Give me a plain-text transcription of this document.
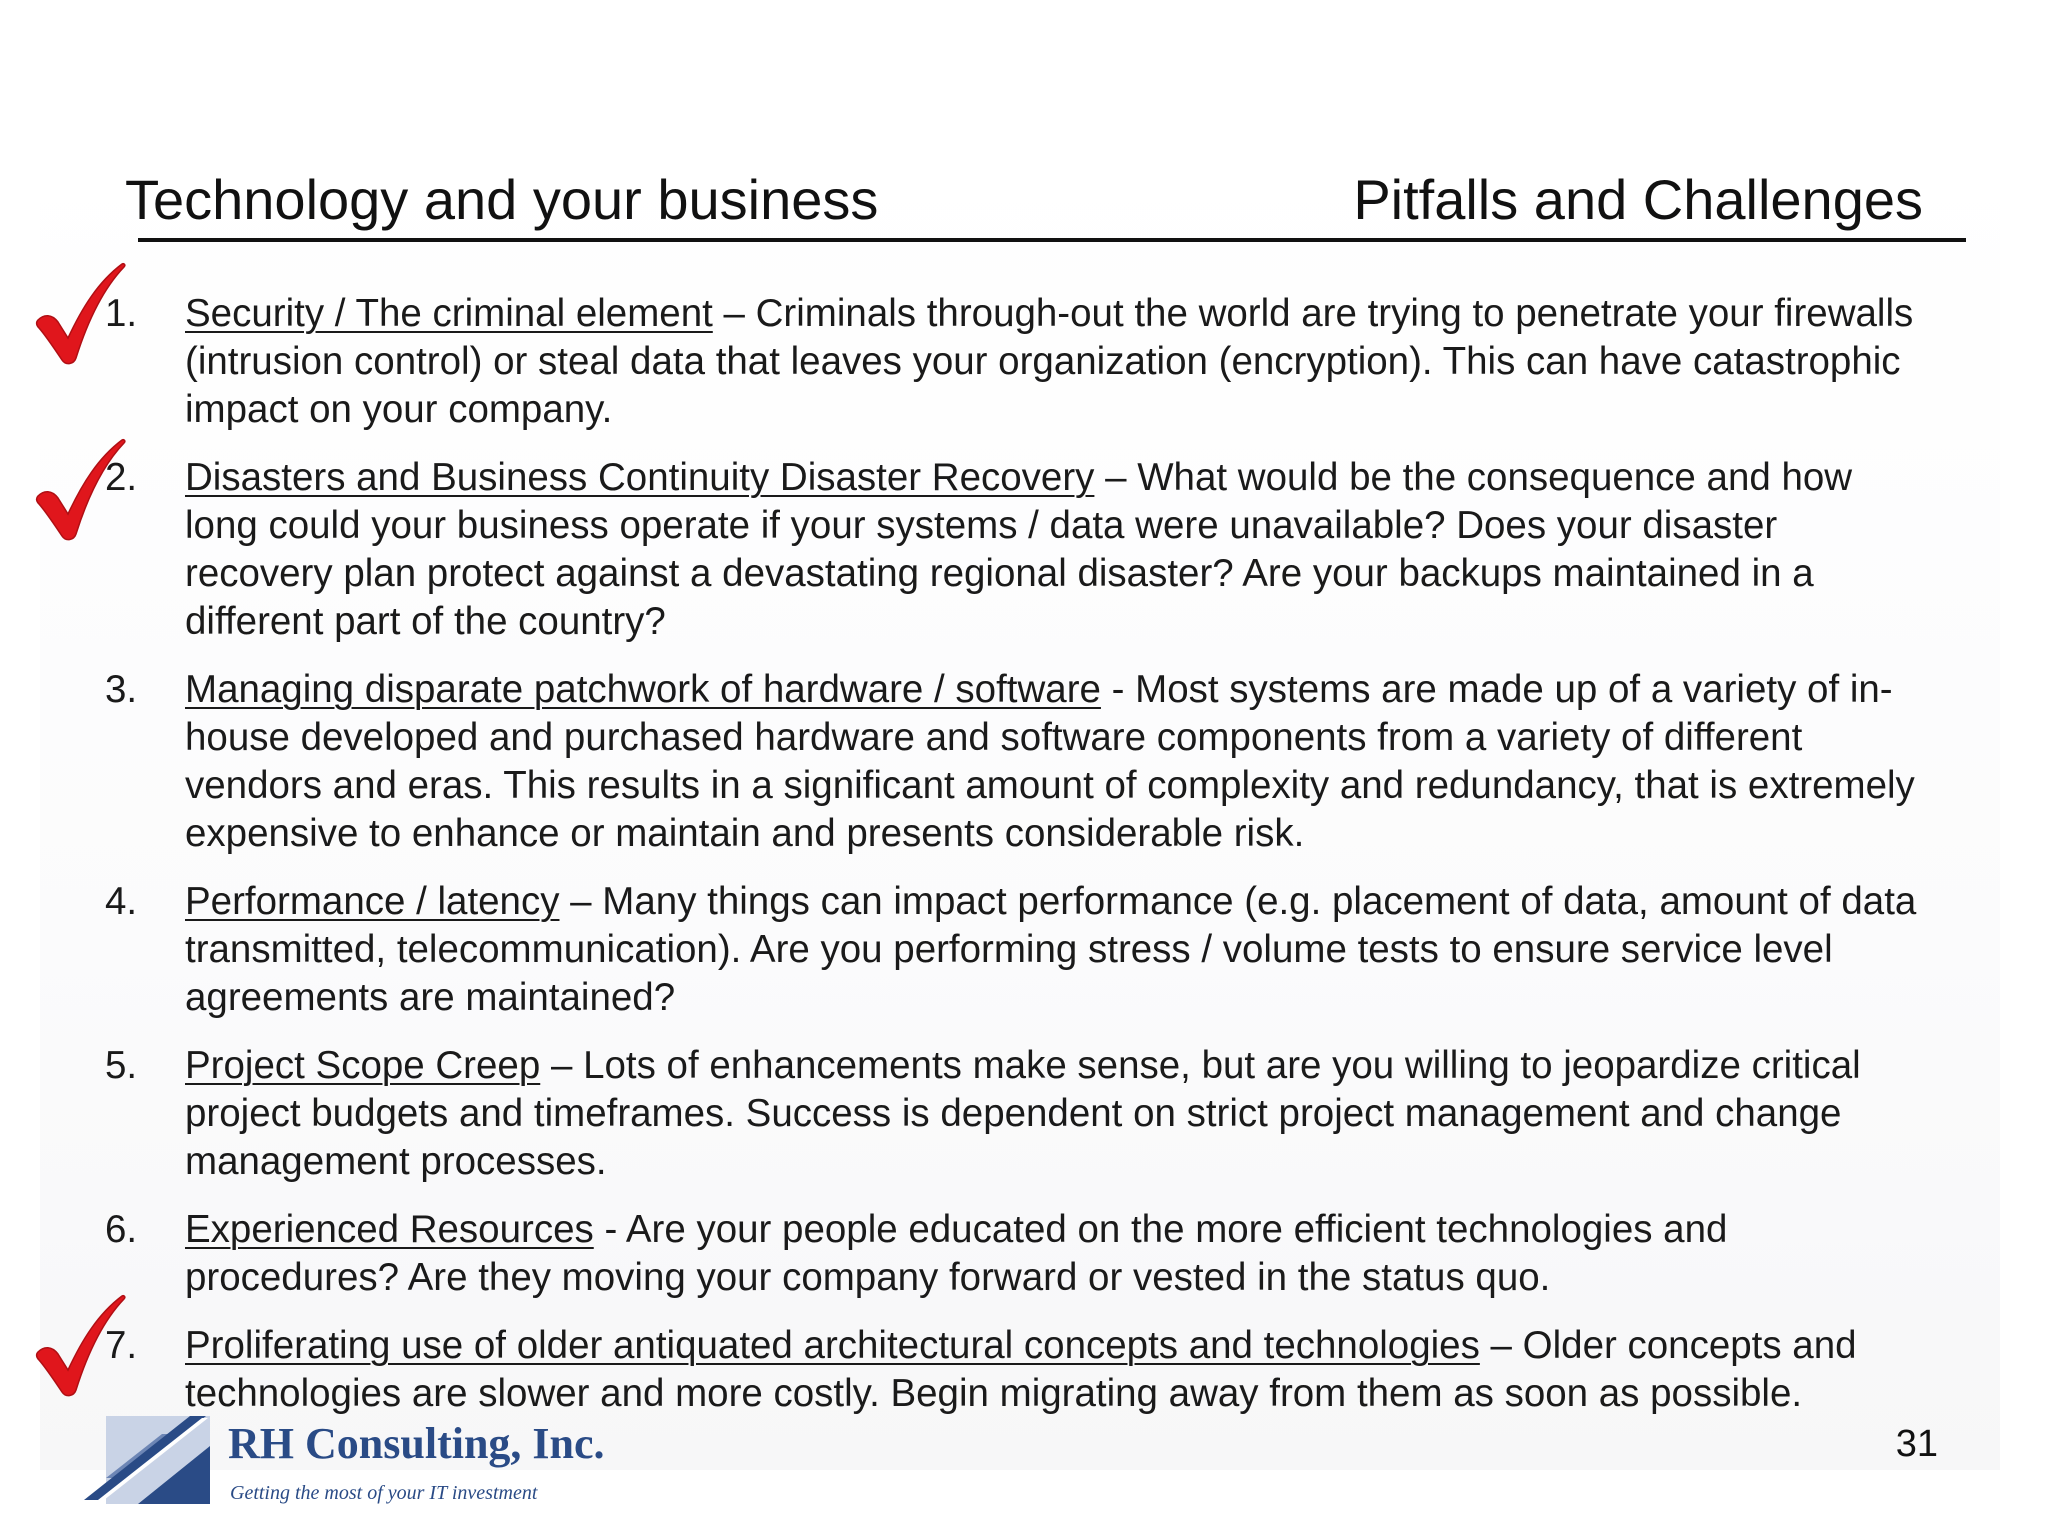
Technology and your business	Pitfalls and Challenges
1.	Security / The criminal element – Criminals through-out the world are trying to penetrate your firewalls (intrusion control) or steal data that leaves your organization (encryption). This can have catastrophic impact on your company.
2.	Disasters and Business Continuity Disaster Recovery – What would be the consequence and how long could your business operate if your systems / data were unavailable? Does your disaster recovery plan protect against a devastating regional disaster? Are your backups maintained in a different part of the country?
3.	Managing disparate patchwork of hardware / software - Most systems are made up of a variety of in-house developed and purchased hardware and software components from a variety of different vendors and eras. This results in a significant amount of complexity and redundancy, that is extremely expensive to enhance or maintain and presents considerable risk.
4.	Performance / latency – Many things can impact performance (e.g. placement of data, amount of data transmitted, telecommunication). Are you performing stress / volume tests to ensure service level agreements are maintained?
5.	Project Scope Creep – Lots of enhancements make sense, but are you willing to jeopardize critical project budgets and timeframes. Success is dependent on strict project management and change management processes.
6.	Experienced Resources - Are your people educated on the more efficient technologies and procedures? Are they moving your company forward or vested in the status quo.
7.	Proliferating use of older antiquated architectural concepts and technologies – Older concepts and technologies are slower and more costly. Begin migrating away from them as soon as possible.
RH Consulting, Inc.
Getting the most of your IT investment
31
